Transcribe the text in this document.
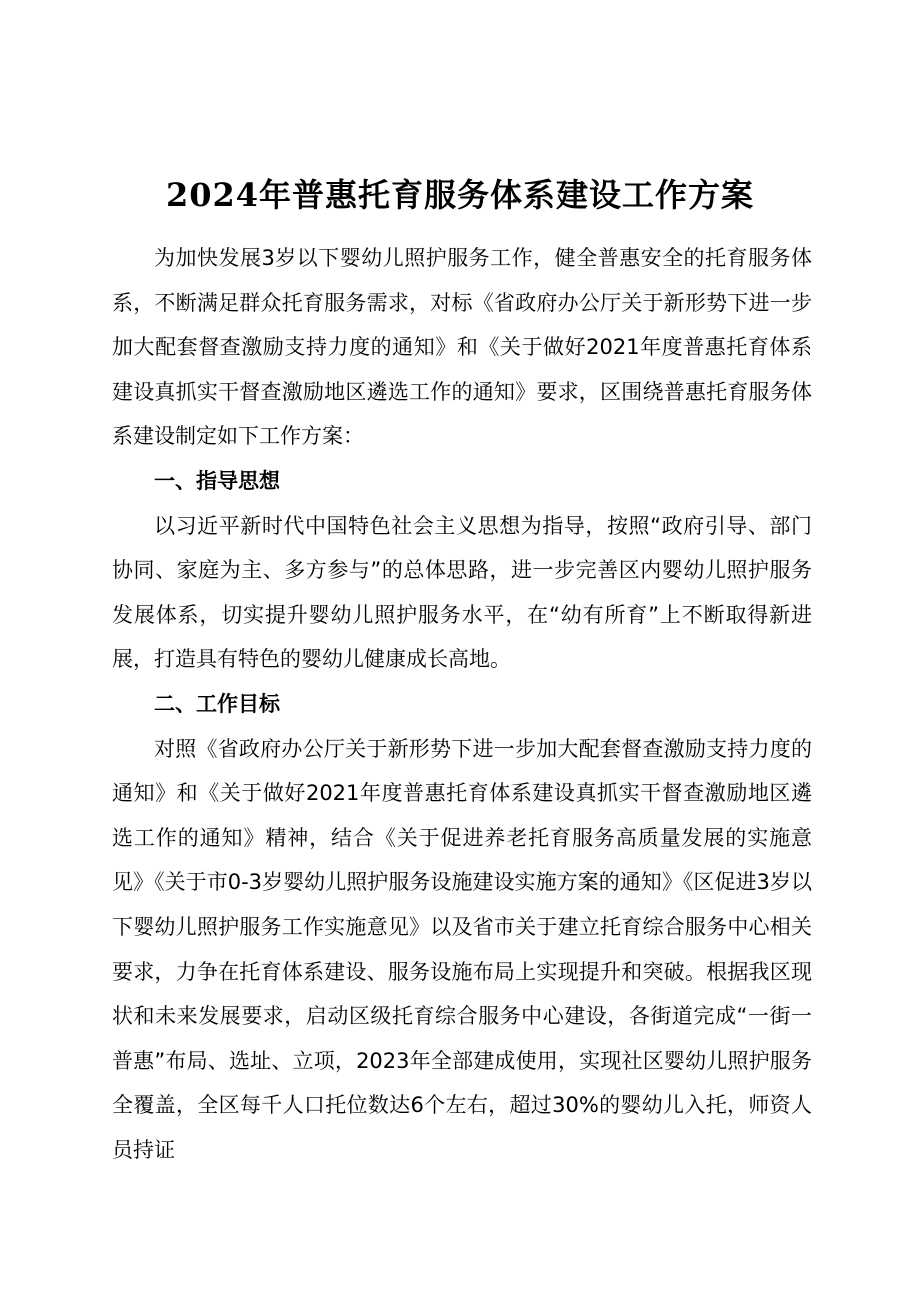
2024年普惠托育服务体系建设工作方案

为加快发展3岁以下婴幼儿照护服务工作，健全普惠安全的托育服务体系，不断满足群众托育服务需求，对标《省政府办公厅关于新形势下进一步加大配套督查激励支持力度的通知》和《关于做好2021年度普惠托育体系建设真抓实干督查激励地区遴选工作的通知》要求，区围绕普惠托育服务体系建设制定如下工作方案：

一、指导思想

以习近平新时代中国特色社会主义思想为指导，按照“政府引导、部门协同、家庭为主、多方参与”的总体思路，进一步完善区内婴幼儿照护服务发展体系，切实提升婴幼儿照护服务水平，在“幼有所育”上不断取得新进展，打造具有特色的婴幼儿健康成长高地。

二、工作目标

对照《省政府办公厅关于新形势下进一步加大配套督查激励支持力度的通知》和《关于做好2021年度普惠托育体系建设真抓实干督查激励地区遴选工作的通知》精神，结合《关于促进养老托育服务高质量发展的实施意见》《关于市0-3岁婴幼儿照护服务设施建设实施方案的通知》《区促进3岁以下婴幼儿照护服务工作实施意见》以及省市关于建立托育综合服务中心相关要求，力争在托育体系建设、服务设施布局上实现提升和突破。根据我区现状和未来发展要求，启动区级托育综合服务中心建设，各街道完成“一街一普惠”布局、选址、立项，2023年全部建成使用，实现社区婴幼儿照护服务全覆盖，全区每千人口托位数达6个左右，超过30%的婴幼儿入托，师资人员持证
